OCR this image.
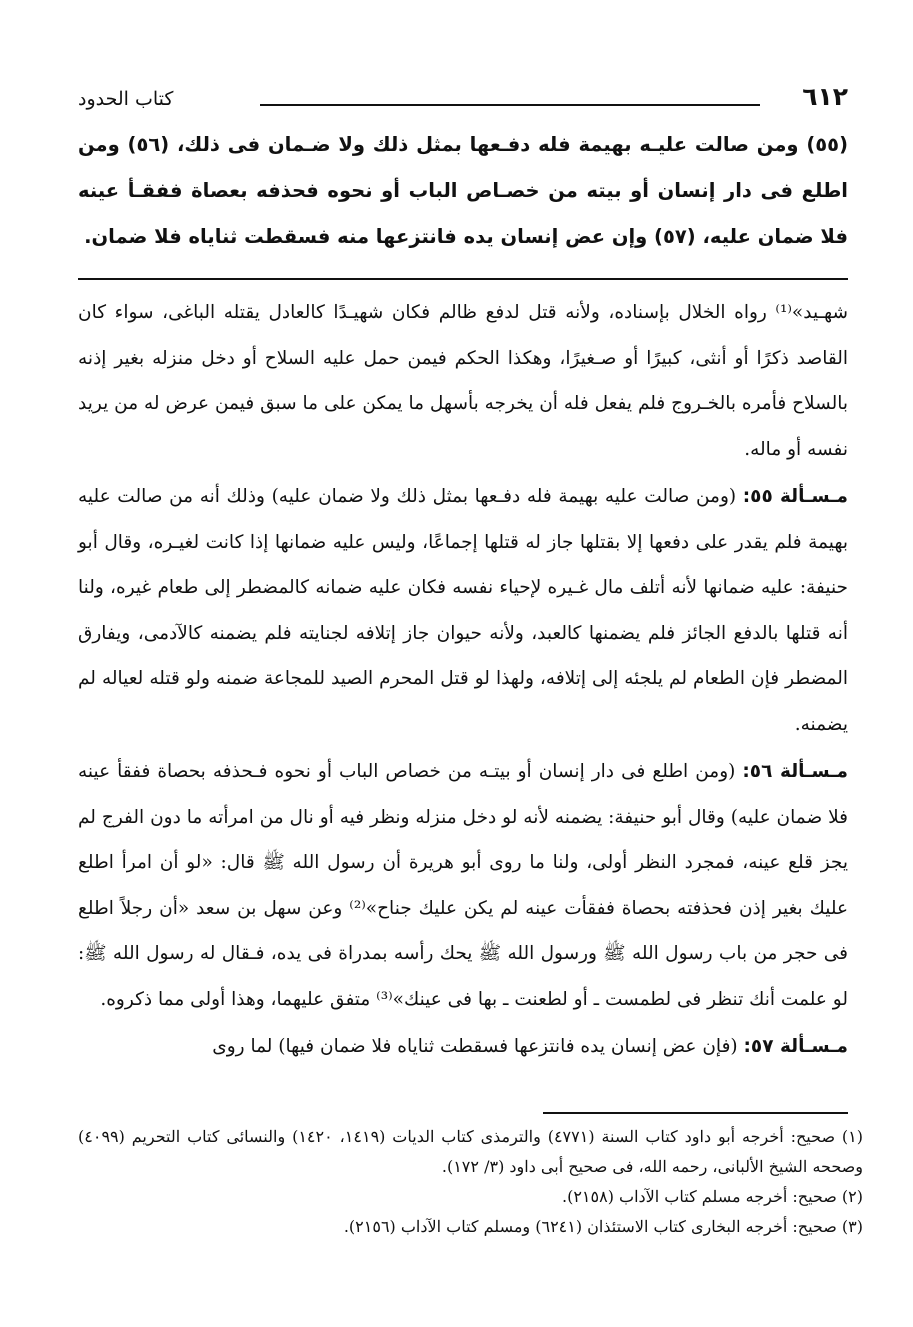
٦١٢
كتاب الحدود
(٥٥) ومن صالت عليـه بهيمة فله دفـعها بمثل ذلك ولا ضـمان فى ذلك، (٥٦) ومن اطلع فى دار إنسان أو بيته من خصـاص الباب أو نحوه فحذفه بعصاة ففقـأ عينه فلا ضمان عليه، (٥٧) وإن عض إنسان يده فانتزعها منه فسقطت ثناياه فلا ضمان.

شهـيد»⁽¹⁾ رواه الخلال بإسناده، ولأنه قتل لدفع ظالم فكان شهيـدًا كالعادل يقتله الباغى، سواء كان القاصد ذكرًا أو أنثى، كبيرًا أو صـغيرًا، وهكذا الحكم فيمن حمل عليه السلاح أو دخل منزله بغير إذنه بالسلاح فأمره بالخـروج فلم يفعل فله أن يخرجه بأسهل ما يمكن على ما سبق فيمن عرض له من يريد نفسه أو ماله.

مـسـألة ٥٥: (ومن صالت عليه بهيمة فله دفـعها بمثل ذلك ولا ضمان عليه) وذلك أنه من صالت عليه بهيمة فلم يقدر على دفعها إلا بقتلها جاز له قتلها إجماعًا، وليس عليه ضمانها إذا كانت لغيـره، وقال أبو حنيفة: عليه ضمانها لأنه أتلف مال غـيره لإحياء نفسه فكان عليه ضمانه كالمضطر إلى طعام غيره، ولنا أنه قتلها بالدفع الجائز فلم يضمنها كالعبد، ولأنه حيوان جاز إتلافه لجنايته فلم يضمنه كالآدمى، ويفارق المضطر فإن الطعام لم يلجئه إلى إتلافه، ولهذا لو قتل المحرم الصيد للمجاعة ضمنه ولو قتله لعياله لم يضمنه.

مـسـألة ٥٦: (ومن اطلع فى دار إنسان أو بيتـه من خصاص الباب أو نحوه فـحذفه بحصاة ففقأ عينه فلا ضمان عليه) وقال أبو حنيفة: يضمنه لأنه لو دخل منزله ونظر فيه أو نال من امرأته ما دون الفرج لم يجز قلع عينه، فمجرد النظر أولى، ولنا ما روى أبو هريرة أن رسول الله ﷺ قال: «لو أن امرأ اطلع عليك بغير إذن فحذفته بحصاة ففقأت عينه لم يكن عليك جناح»⁽²⁾ وعن سهل بن سعد «أن رجلاً اطلع فى حجر من باب رسول الله ﷺ ورسول الله ﷺ يحك رأسه بمدراة فى يده، فـقال له رسول الله ﷺ: لو علمت أنك تنظر فى لطمست ـ أو لطعنت ـ بها فى عينك»⁽³⁾ متفق عليهما، وهذا أولى مما ذكروه.

مـسـألة ٥٧: (فإن عض إنسان يده فانتزعها فسقطت ثناياه فلا ضمان فيها) لما روى

(١) صحيح: أخرجه أبو داود كتاب السنة (٤٧٧١) والترمذى كتاب الديات (١٤١٩، ١٤٢٠) والنسائى كتاب التحريم (٤٠٩٩) وصححه الشيخ الألبانى، رحمه الله، فى صحيح أبى داود (٣/ ١٧٢).
(٢) صحيح: أخرجه مسلم كتاب الآداب (٢١٥٨).
(٣) صحيح: أخرجه البخارى كتاب الاستئذان (٦٢٤١) ومسلم كتاب الآداب (٢١٥٦).
